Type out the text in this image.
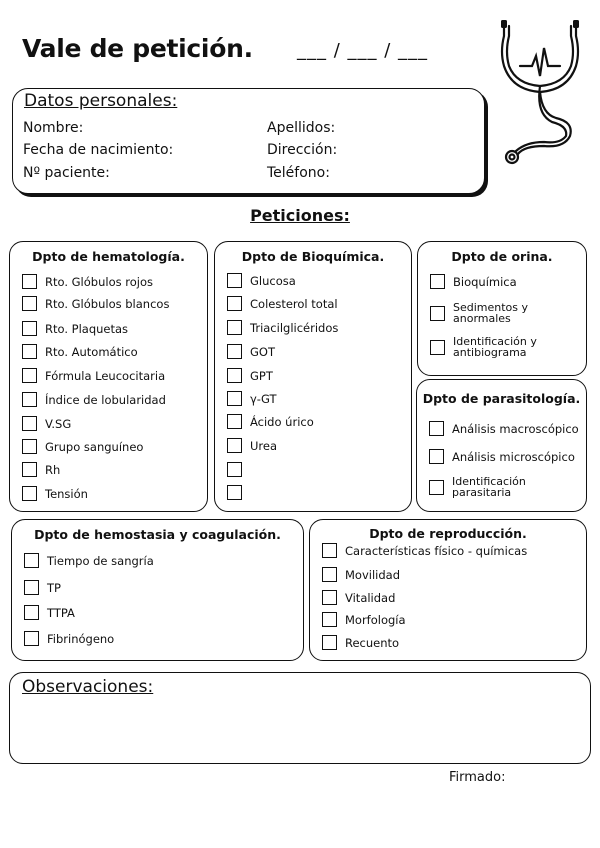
Vale de petición. ___ / ___ / ___
Datos personales:
Nombre:
Fecha de nacimiento:
Nº paciente:
Apellidos:
Dirección:
Teléfono:
Peticiones:
Dpto de hematología.
Rto. Glóbulos rojos
Rto. Glóbulos blancos
Rto. Plaquetas
Rto. Automático
Fórmula Leucocitaria
Índice de lobularidad
V.SG
Grupo sanguíneo
Rh
Tensión
Dpto de Bioquímica.
Glucosa
Colesterol total
Triacilglicéridos
GOT
GPT
γ-GT
Ácido úrico
Urea
Dpto de orina.
Bioquímica
Sedimentos y anormales
Identificación y antibiograma
Dpto de parasitología.
Análisis macroscópico
Análisis microscópico
Identificación parasitaria
Dpto de hemostasia y coagulación.
Tiempo de sangría
TP
TTPA
Fibrinógeno
Dpto de reproducción.
Características físico - químicas
Movilidad
Vitalidad
Morfología
Recuento
Observaciones:
Firmado:
